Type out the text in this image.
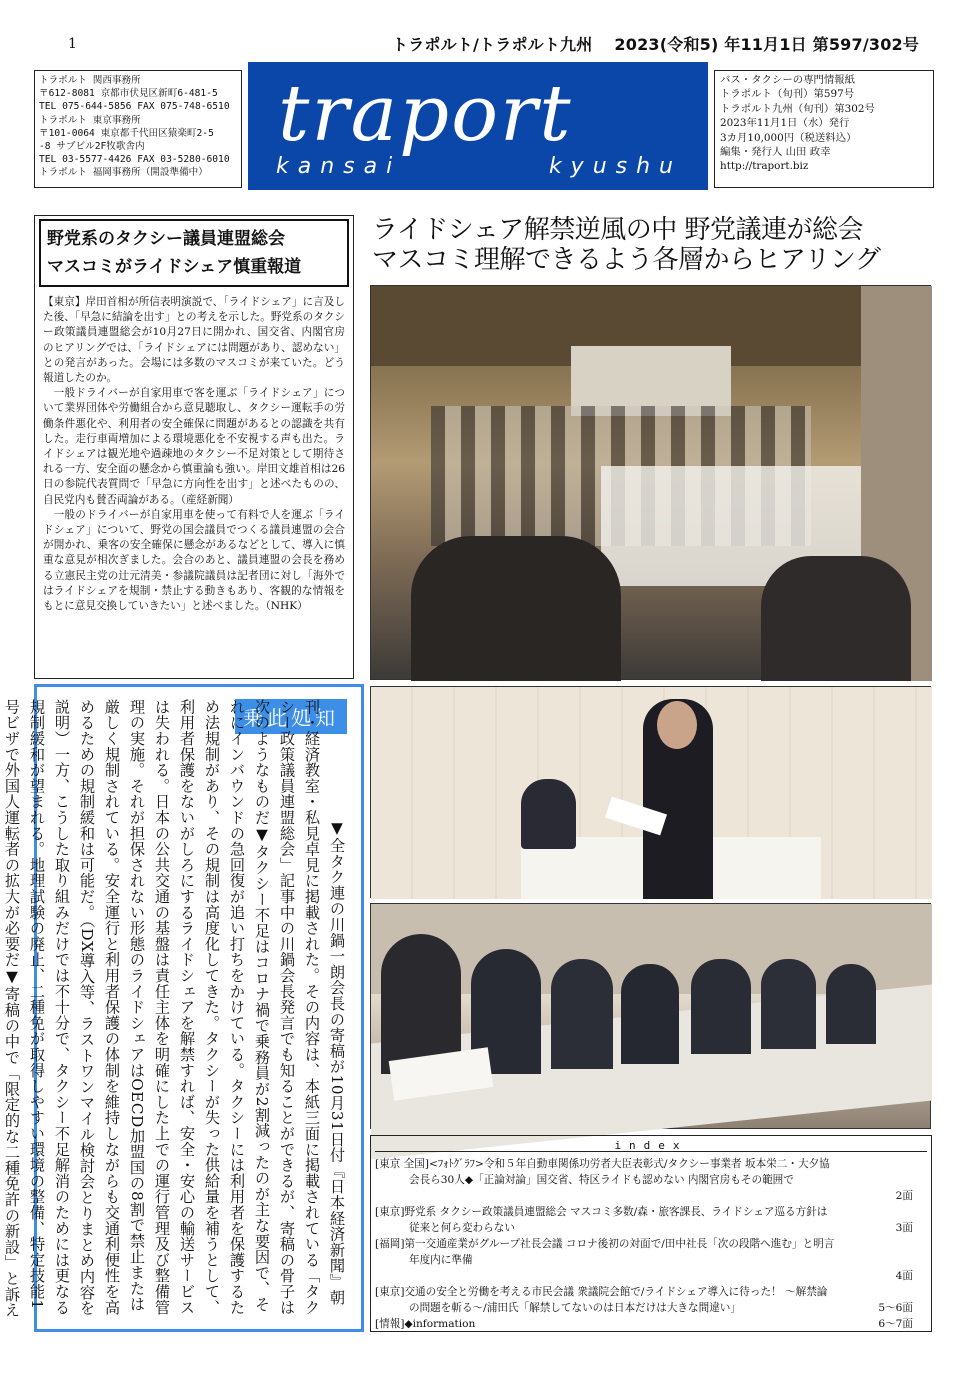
1	トラポルト/トラポルト九州　 2023(令和5) 年11月1日 第597/302号
トラポルト 関西事務所
〒612-8081 京都市伏見区新町6-481-5
TEL 075-644-5856 FAX 075-748-6510
トラポルト 東京事務所
〒101-0064 東京都千代田区猿楽町2-5
-8 サブビル2F牧歌舎内
TEL 03-5577-4426 FAX 03-5280-6010
トラポルト 福岡事務所（開設準備中）
traport
kansai	kyushu
バス・タクシーの専門情報紙
トラポルト（旬刊）第597号
トラポルト九州（旬刊）第302号
2023年11月1日（水）発行
3カ月10,000円（税送料込）
編集・発行人 山田 政幸
http://traport.biz
野党系のタクシー議員連盟総会
マスコミがライドシェア慎重報道

【東京】岸田首相が所信表明演説で、「ライドシェア」に言及した後、「早急に結論を出す」との考えを示した。野党系のタクシー政策議員連盟総会が10月27日に開かれ、国交省、内閣官房のヒアリングでは、「ライドシェアには問題があり、認めない」との発言があった。会場には多数のマスコミが来ていた。どう報道したのか。

一般ドライバーが自家用車で客を運ぶ「ライドシェア」について業界団体や労働組合から意見聴取し、タクシー運転手の労働条件悪化や、利用者の安全確保に問題があるとの認識を共有した。走行車両増加による環境悪化を不安視する声も出た。ライドシェアは観光地や過疎地のタクシー不足対策として期待される一方、安全面の懸念から慎重論も強い。岸田文雄首相は26日の参院代表質問で「早急に方向性を出す」と述べたものの、自民党内も賛否両論がある。（産経新聞）

一般のドライバーが自家用車を使って有料で人を運ぶ「ライドシェア」について、野党の国会議員でつくる議員連盟の会合が開かれ、乗客の安全確保に懸念があるなどとして、導入に慎重な意見が相次ぎました。会合のあと、議員連盟の会長を務める立憲民主党の辻元清美・参議院議員は記者団に対し「海外ではライドシェアを規制・禁止する動きもあり、客観的な情報をもとに意見交換していきたい」と述べました。（NHK）

ライドシェア解禁逆風の中 野党議連が総会
マスコミ理解できるよう各層からヒアリング
乗此処知
▼全タク連の川鍋一朗会長の寄稿が10月31日付『日本経済新聞』朝刊・経済教室・私見卓見に掲載された。その内容は、本紙三面に掲載されている「タクシー政策議員連盟総会」記事中の川鍋会長発言でも知ることができるが、寄稿の骨子は次のようなものだ▼タクシー不足はコロナ禍で乗務員が2割減ったのが主な要因で、それにインバウンドの急回復が追い打ちをかけている。タクシーには利用者を保護するため法規制があり、その規制は高度化してきた。タクシーが失った供給量を補うとして、利用者保護をないがしろにするライドシェアを解禁すれば、安全・安心の輸送サービスは失われる。日本の公共交通の基盤は責任主体を明確にした上での運行管理及び整備管理の実施。それが担保されない形態のライドシェアはOECD加盟国の8割で禁止または厳しく規制されている。安全運行と利用者保護の体制を維持しながらも交通利便性を高めるための規制緩和は可能だ。（DX導入等、ラストワンマイル検討会とりまとめ内容を説明）一方、こうした取り組みだけでは不十分で、タクシー不足解消のためには更なる規制緩和が望まれる。地理試験の廃止、二種免が取得しやすい環境の整備、特定技能1号ビザで外国人運転者の拡大が必要だ▼寄稿の中で「限定的な二種免許の新設」と訴え
index
[東京 全国]<ﾌｫﾄｸﾞﾗﾌ>令和５年自動車関係功労者大臣表彰式/タクシー事業者 坂本栄二・大夕協
会長ら30人◆「正論対論」国交省、特区ライドも認めない 内閣官房もその範囲で
2面
[東京]野党系 タクシー政策議員連盟総会 マスコミ多数/森・旅客課長、ライドシェア巡る方針は
従来と何ら変わらない	3面
[福岡]第一交通産業がグループ社長会議 コロナ後初の対面で/田中社長「次の段階へ進む」と明言
年度内に準備
4面
[東京]交通の安全と労働を考える市民会議 衆議院会館で/ライドシェア導入に待った！ ～解禁論
の問題を斬る～/浦田氏「解禁してないのは日本だけは大きな間違い」	5～6面
[情報]◆information	6～7面
